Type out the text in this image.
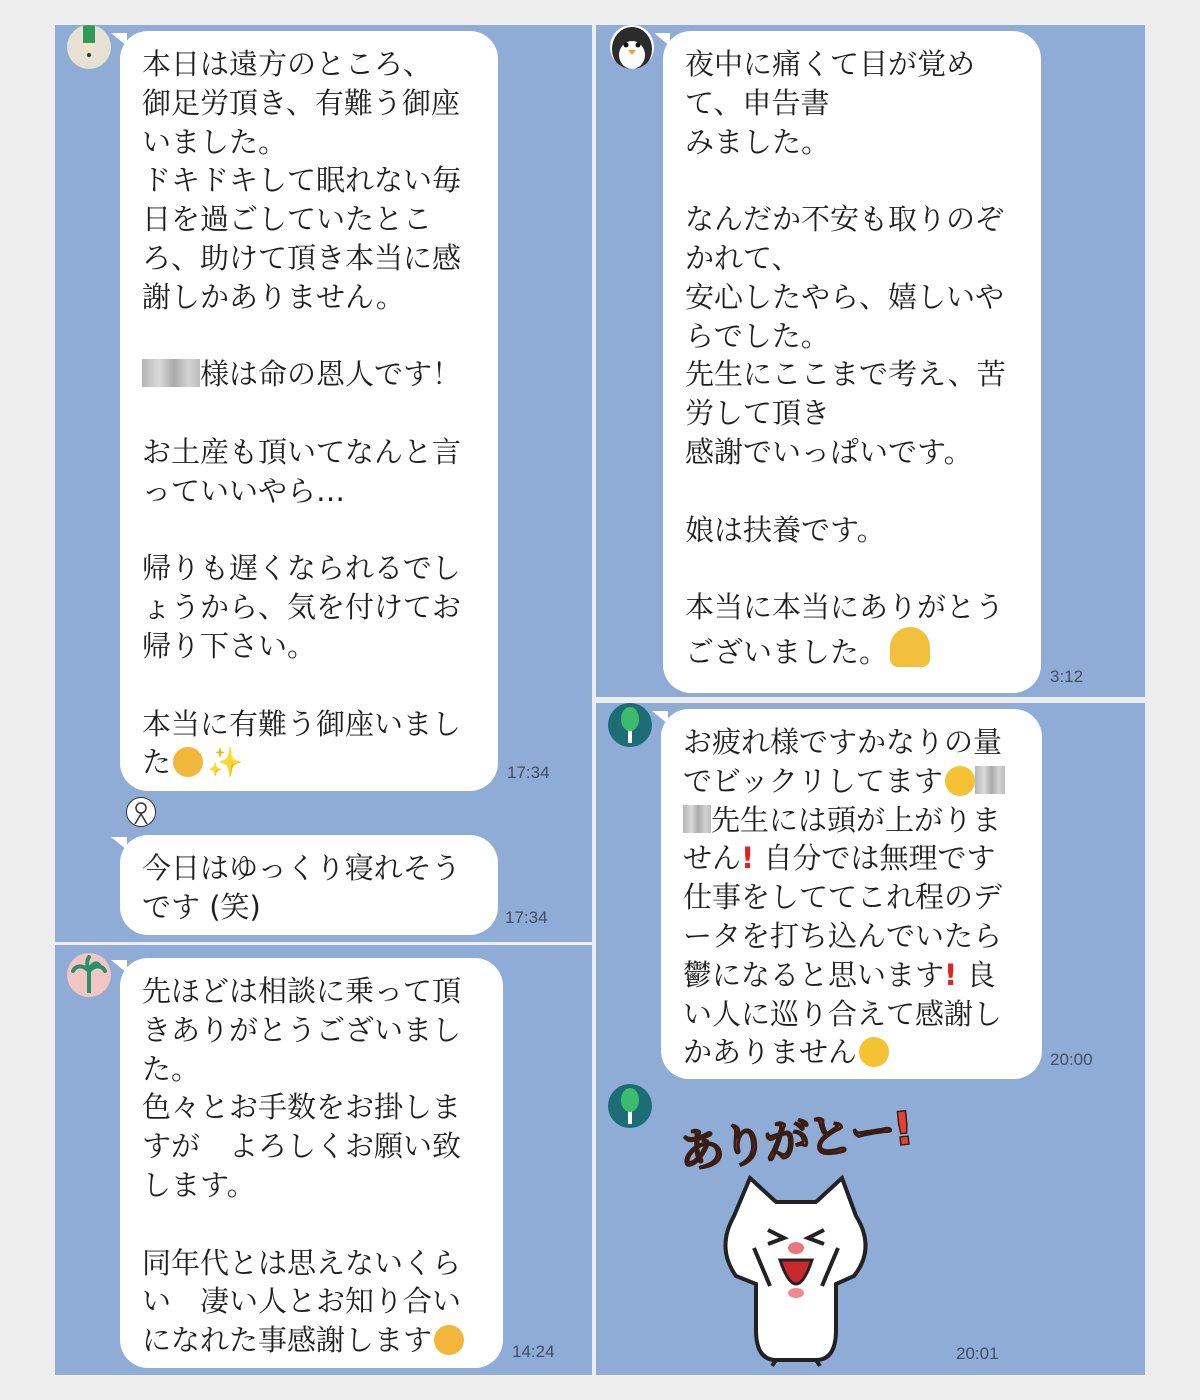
本日は遠方のところ、
御足労頂き、有難う御座
いました。
ドキドキして眠れない毎
日を過ごしていたとこ
ろ、助けて頂き本当に感
謝しかありません。

様は命の恩人です！

お土産も頂いてなんと言
っていいやら…

帰りも遅くなられるでし
ょうから、気を付けてお
帰り下さい。

本当に有難う御座いまし
た ✨	17:34

今日はゆっくり寝れそう
です (笑)	17:34

先ほどは相談に乗って頂
きありがとうございまし
た。
色々とお手数をお掛しま
すが　よろしくお願い致
します。

同年代とは思えないくら
い　凄い人とお知り合い
になれた事感謝します	14:24

夜中に痛くて目が覚め
て、申告書
みました。

なんだか不安も取りのぞ
かれて、
安心したやら、嬉しいや
らでした。
先生にここまで考え、苦
労して頂き
感謝でいっぱいです。

娘は扶養です。

本当に本当にありがとう
ございました。

3:12

お疲れ様ですかなりの量
でビックリしてます
先生には頭が上がりま
せん! 自分では無理です
仕事をしててこれ程のデ
ータを打ち込んでいたら
鬱になると思います! 良
い人に巡り合えて感謝し
かありません	20:00
ありがとー!
20:01
